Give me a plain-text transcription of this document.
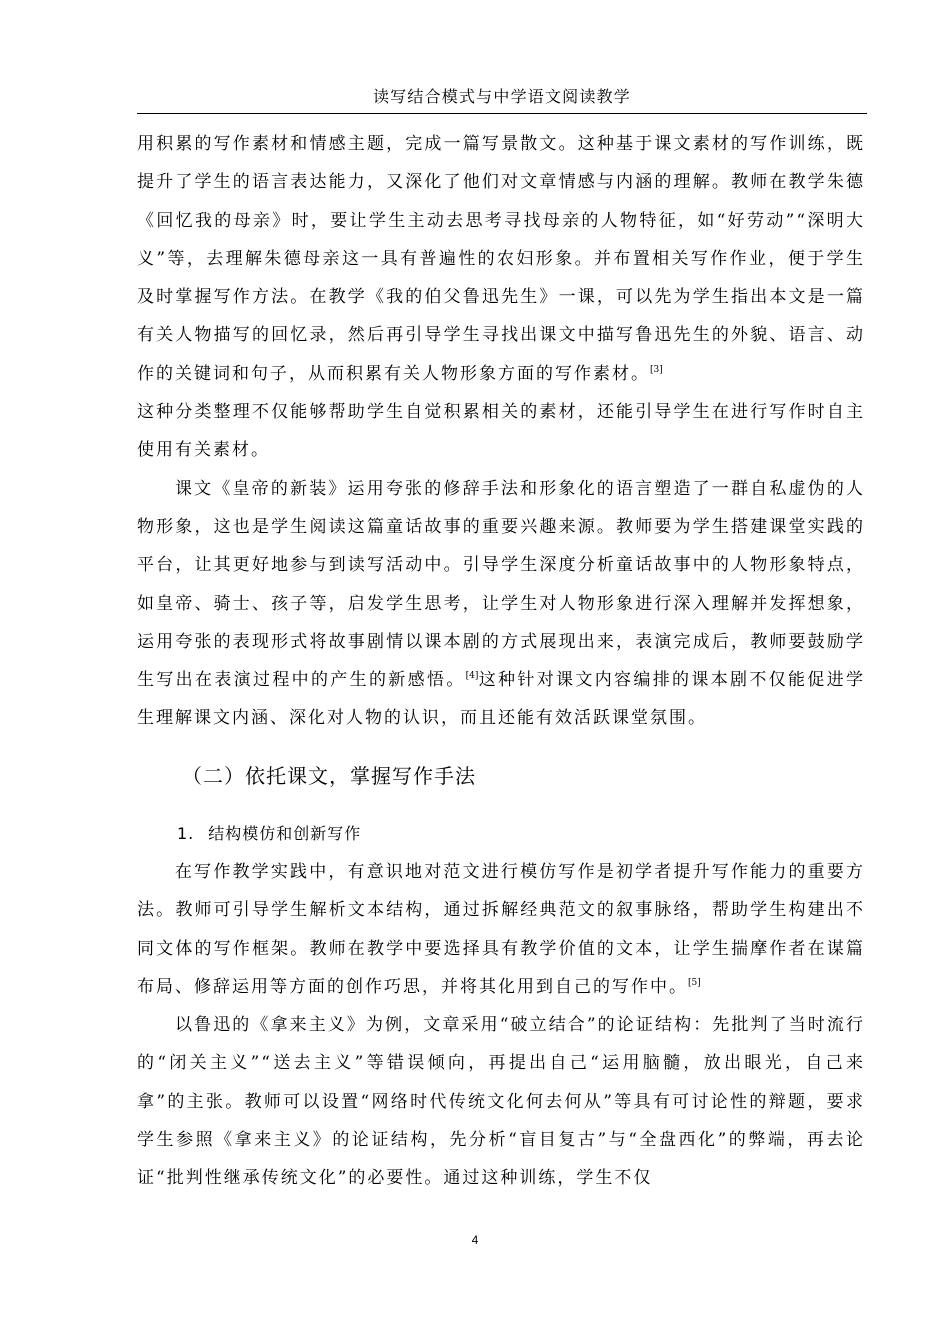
读写结合模式与中学语文阅读教学

用积累的写作素材和情感主题，完成一篇写景散文。这种基于课文素材的写作训练，既提升了学生的语言表达能力，又深化了他们对文章情感与内涵的理解。教师在教学朱德《回忆我的母亲》时，要让学生主动去思考寻找母亲的人物特征，如“好劳动”“深明大义”等，去理解朱德母亲这一具有普遍性的农妇形象。并布置相关写作作业，便于学生及时掌握写作方法。在教学《我的伯父鲁迅先生》一课，可以先为学生指出本文是一篇有关人物描写的回忆录，然后再引导学生寻找出课文中描写鲁迅先生的外貌、语言、动作的关键词和句子，从而积累有关人物形象方面的写作素材。[3]
这种分类整理不仅能够帮助学生自觉积累相关的素材，还能引导学生在进行写作时自主使用有关素材。

课文《皇帝的新装》运用夸张的修辞手法和形象化的语言塑造了一群自私虚伪的人物形象，这也是学生阅读这篇童话故事的重要兴趣来源。教师要为学生搭建课堂实践的平台，让其更好地参与到读写活动中。引导学生深度分析童话故事中的人物形象特点，如皇帝、骑士、孩子等，启发学生思考，让学生对人物形象进行深入理解并发挥想象，运用夸张的表现形式将故事剧情以课本剧的方式展现出来，表演完成后，教师要鼓励学生写出在表演过程中的产生的新感悟。[4]这种针对课文内容编排的课本剧不仅能促进学生理解课文内涵、深化对人物的认识，而且还能有效活跃课堂氛围。

（二）依托课文，掌握写作手法
1. 结构模仿和创新写作

在写作教学实践中，有意识地对范文进行模仿写作是初学者提升写作能力的重要方法。教师可引导学生解析文本结构，通过拆解经典范文的叙事脉络，帮助学生构建出不同文体的写作框架。教师在教学中要选择具有教学价值的文本，让学生揣摩作者在谋篇布局、修辞运用等方面的创作巧思，并将其化用到自己的写作中。[5]

以鲁迅的《拿来主义》为例，文章采用“破立结合”的论证结构：先批判了当时流行的“闭关主义”“送去主义”等错误倾向，再提出自己“运用脑髓，放出眼光，自己来拿”的主张。教师可以设置“网络时代传统文化何去何从”等具有可讨论性的辩题，要求学生参照《拿来主义》的论证结构，先分析“盲目复古”与“全盘西化”的弊端，再去论证“批判性继承传统文化”的必要性。通过这种训练，学生不仅

4
